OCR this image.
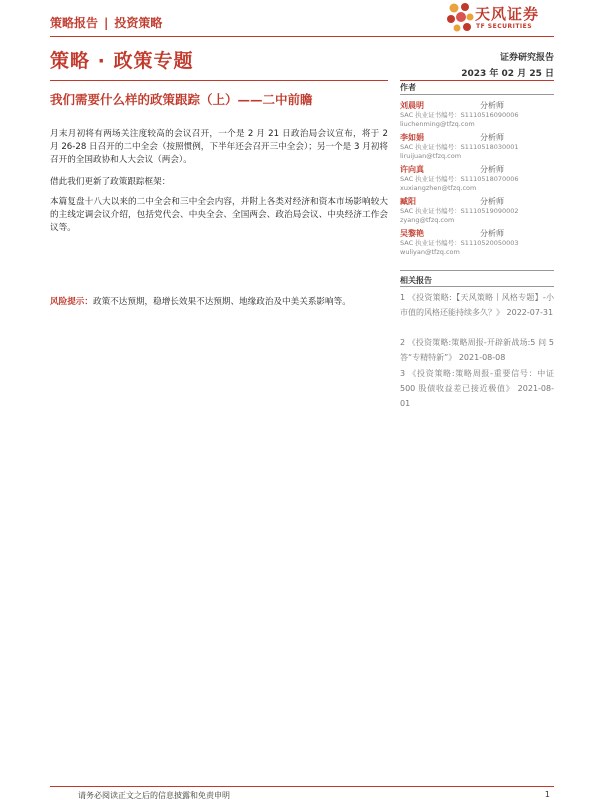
策略报告 | 投资策略	天风证券
TF SECURITIES
策略 · 政策专题	证券研究报告
2023 年 02 月 25 日
我们需要什么样的政策跟踪（上）——二中前瞻

月末月初将有两场关注度较高的会议召开，一个是 2 月 21 日政治局会议宣布，将于 2 月 26-28 日召开的二中全会（按照惯例，下半年还会召开三中全会）；另一个是 3 月初将召开的全国政协和人大会议（两会）。

借此我们更新了政策跟踪框架：

本篇复盘十八大以来的二中全会和三中全会内容，并附上各类对经济和资本市场影响较大的主线定调会议介绍，包括党代会、中央全会、全国两会、政治局会议、中央经济工作会议等。

风险提示：政策不达预期，稳增长效果不达预期、地缘政治及中美关系影响等。

作者
刘晨明	分析师
SAC 执业证书编号：S1110516090006
liuchenming@tfzq.com
李如娟	分析师
SAC 执业证书编号：S1110518030001
liruijuan@tfzq.com
许向真	分析师
SAC 执业证书编号：S1110518070006
xuxiangzhen@tfzq.com
臧阳	分析师
SAC 执业证书编号：S1110519090002
zyang@tfzq.com
吴黎艳	分析师
SAC 执业证书编号：S1110520050003
wuliyan@tfzq.com
相关报告
1 《投资策略:【天风策略丨风格专题】-小市值的风格还能持续多久？》 2022-07-31
2 《投资策略:策略周报-开辟新战场:5 问 5 答“专精特新”》 2021-08-08
3 《投资策略:策略周报-重要信号：中证 500 股债收益差已接近极值》 2021-08-01
请务必阅读正文之后的信息披露和免责申明	1
